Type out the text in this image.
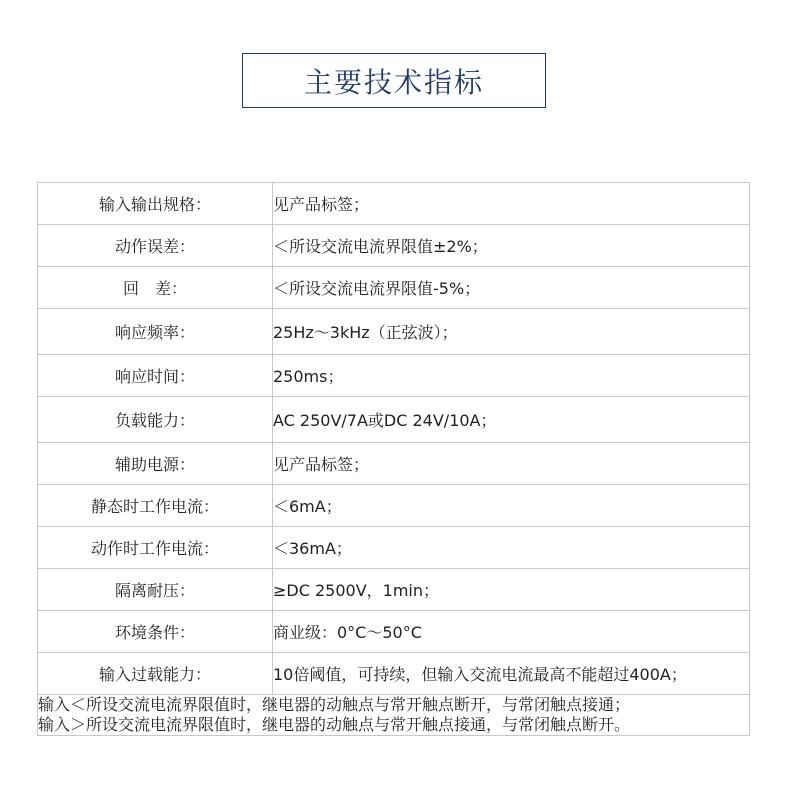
主要技术指标
输入输出规格：	见产品标签；
动作误差：	＜所设交流电流界限值±2%；
回　差：	＜所设交流电流界限值-5%；
响应频率：	25Hz～3kHz（正弦波）；
响应时间：	250ms；
负载能力：	AC 250V/7A或DC 24V/10A；
辅助电源：	见产品标签；
静态时工作电流：	＜6mA；
动作时工作电流：	＜36mA；
隔离耐压：	≥DC 2500V，1min；
环境条件：	商业级：0°C～50°C
输入过载能力：	10倍阈值，可持续，但输入交流电流最高不能超过400A；

输入＜所设交流电流界限值时，继电器的动触点与常开触点断开，与常闭触点接通；
输入＞所设交流电流界限值时，继电器的动触点与常开触点接通，与常闭触点断开。	
